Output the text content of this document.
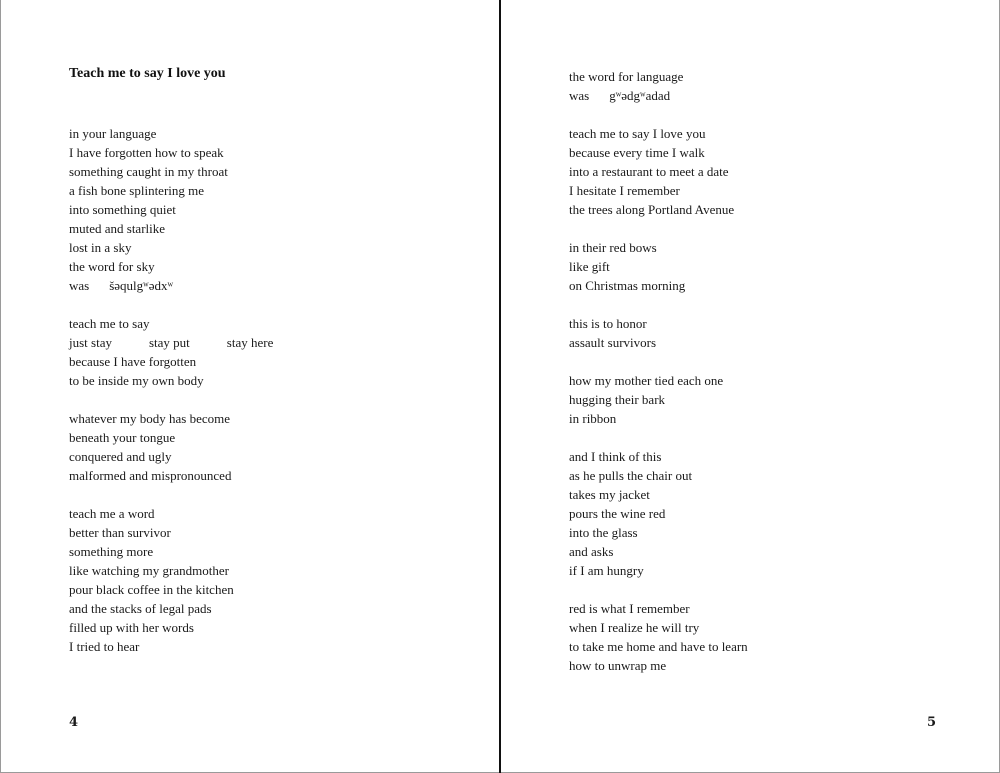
Teach me to say I love you
in your language
I have forgotten how to speak
something caught in my throat
a fish bone splintering me
into something quiet
muted and starlike
lost in a sky
the word for sky
was šəqulgʷədxʷ
teach me to say
just stay	stay put	stay here
because I have forgotten
to be inside my own body
whatever my body has become
beneath your tongue
conquered and ugly
malformed and mispronounced
teach me a word
better than survivor
something more
like watching my grandmother
pour black coffee in the kitchen
and the stacks of legal pads
filled up with her words
I tried to hear
4
the word for language
was gʷədgʷadad
teach me to say I love you
because every time I walk
into a restaurant to meet a date
I hesitate I remember
the trees along Portland Avenue
in their red bows
like gift
on Christmas morning
this is to honor
assault survivors
how my mother tied each one
hugging their bark
in ribbon
and I think of this
as he pulls the chair out
takes my jacket
pours the wine red
into the glass
and asks
if I am hungry
red is what I remember
when I realize he will try
to take me home and have to learn
how to unwrap me
5
